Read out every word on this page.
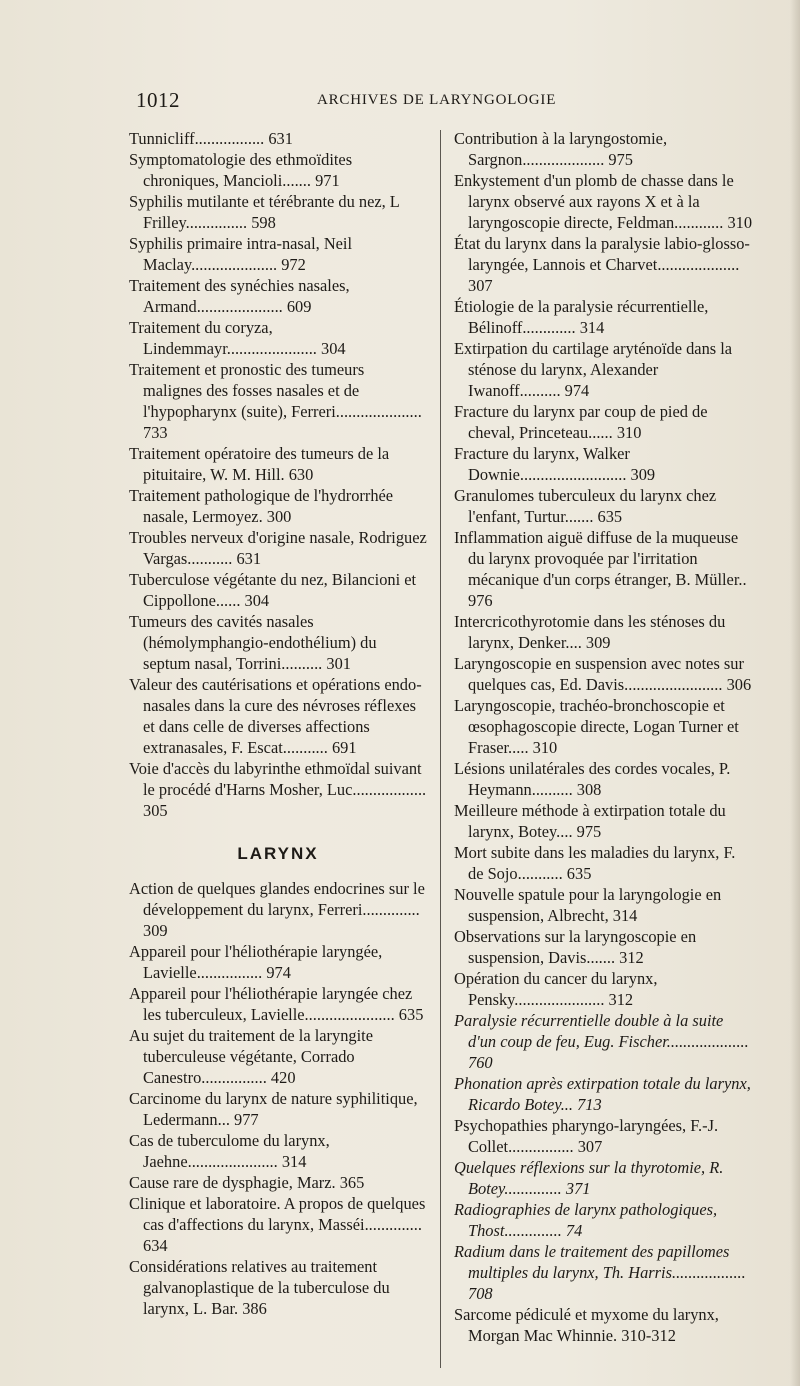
1012	ARCHIVES DE LARYNGOLOGIE

Tunnicliff................. 631

Symptomatologie des ethmoïdites chroniques, Mancioli....... 971

Syphilis mutilante et térébrante du nez, L Frilley............... 598

Syphilis primaire intra-nasal, Neil Maclay..................... 972

Traitement des synéchies nasales, Armand..................... 609

Traitement du coryza, Lindemmayr...................... 304

Traitement et pronostic des tumeurs malignes des fosses nasales et de l'hypopharynx (suite), Ferreri..................... 733

Traitement opératoire des tumeurs de la pituitaire, W. M. Hill. 630

Traitement pathologique de l'hydrorrhée nasale, Lermoyez. 300

Troubles nerveux d'origine nasale, Rodriguez Vargas........... 631

Tuberculose végétante du nez, Bilancioni et Cippollone...... 304

Tumeurs des cavités nasales (hémolymphangio-endothélium) du septum nasal, Torrini.......... 301

Valeur des cautérisations et opérations endo-nasales dans la cure des névroses réflexes et dans celle de diverses affections extranasales, F. Escat........... 691

Voie d'accès du labyrinthe ethmoïdal suivant le procédé d'Harns Mosher, Luc.................. 305

LARYNX

Action de quelques glandes endocrines sur le développement du larynx, Ferreri.............. 309

Appareil pour l'héliothérapie laryngée, Lavielle................ 974

Appareil pour l'héliothérapie laryngée chez les tuberculeux, Lavielle...................... 635

Au sujet du traitement de la laryngite tuberculeuse végétante, Corrado Canestro................ 420

Carcinome du larynx de nature syphilitique, Ledermann... 977

Cas de tuberculome du larynx, Jaehne...................... 314

Cause rare de dysphagie, Marz. 365

Clinique et laboratoire. A propos de quelques cas d'affections du larynx, Masséi.............. 634

Considérations relatives au traitement galvanoplastique de la tuberculose du larynx, L. Bar. 386

Contribution à la laryngostomie, Sargnon.................... 975

Enkystement d'un plomb de chasse dans le larynx observé aux rayons X et à la laryngoscopie directe, Feldman............ 310

État du larynx dans la paralysie labio-glosso-laryngée, Lannois et Charvet.................... 307

Étiologie de la paralysie récurrentielle, Bélinoff............. 314

Extirpation du cartilage aryténoïde dans la sténose du larynx, Alexander Iwanoff.......... 974

Fracture du larynx par coup de pied de cheval, Princeteau...... 310

Fracture du larynx, Walker Downie.......................... 309

Granulomes tuberculeux du larynx chez l'enfant, Turtur....... 635

Inflammation aiguë diffuse de la muqueuse du larynx provoquée par l'irritation mécanique d'un corps étranger, B. Müller.. 976

Intercricothyrotomie dans les sténoses du larynx, Denker.... 309

Laryngoscopie en suspension avec notes sur quelques cas, Ed. Davis........................ 306

Laryngoscopie, trachéo-bronchoscopie et œsophagoscopie directe, Logan Turner et Fraser..... 310

Lésions unilatérales des cordes vocales, P. Heymann.......... 308

Meilleure méthode à extirpation totale du larynx, Botey.... 975

Mort subite dans les maladies du larynx, F. de Sojo........... 635

Nouvelle spatule pour la laryngologie en suspension, Albrecht, 314

Observations sur la laryngoscopie en suspension, Davis....... 312

Opération du cancer du larynx, Pensky...................... 312

Paralysie récurrentielle double à la suite d'un coup de feu, Eug. Fischer.................... 760

Phonation après extirpation totale du larynx, Ricardo Botey... 713

Psychopathies pharyngo-laryngées, F.-J. Collet................ 307

Quelques réflexions sur la thyrotomie, R. Botey.............. 371

Radiographies de larynx pathologiques, Thost.............. 74

Radium dans le traitement des papillomes multiples du larynx, Th. Harris.................. 708

Sarcome pédiculé et myxome du larynx, Morgan Mac Whinnie. 310-312
